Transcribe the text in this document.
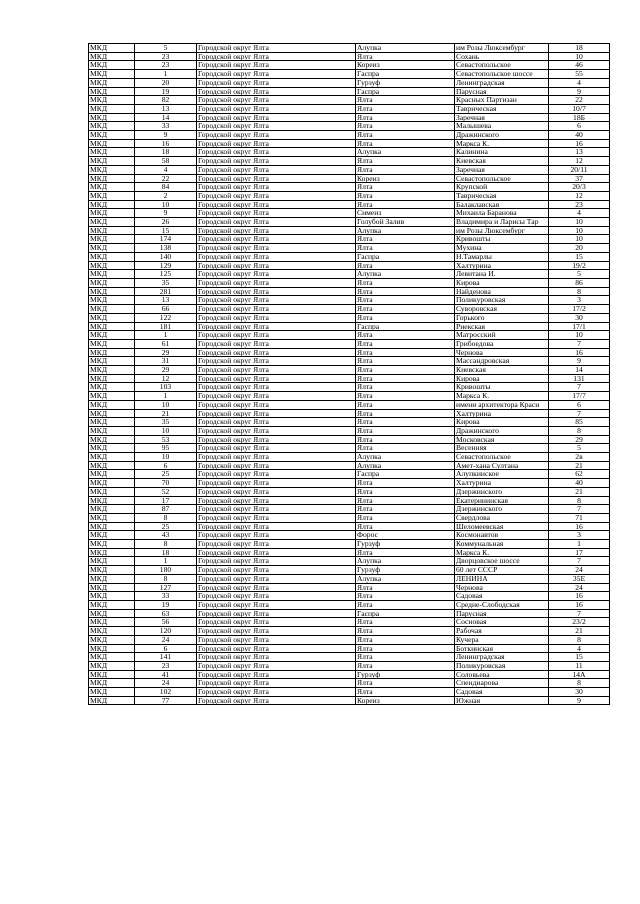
МКД	5	Городской округ Ялта	Алупка	им Розы Люксембург	18
МКД	23	Городской округ Ялта	Ялта	Сохань	10
МКД	23	Городской округ Ялта	Кореиз	Севастопольское	46
МКД	1	Городской округ Ялта	Гаспра	Севастопольское шоссе	55
МКД	20	Городской округ Ялта	Гурзуф	Ленинградская	4
МКД	19	Городской округ Ялта	Гаспра	Парусная	9
МКД	82	Городской округ Ялта	Ялта	Красных Партизан	22
МКД	13	Городской округ Ялта	Ялта	Таврическая	10/7
МКД	14	Городской округ Ялта	Ялта	Заречная	18Б
МКД	33	Городской округ Ялта	Ялта	Малышева	6
МКД	9	Городской округ Ялта	Ялта	Дражинского	40
МКД	16	Городской округ Ялта	Ялта	Маркса К.	16
МКД	18	Городской округ Ялта	Алупка	Калинина	13
МКД	58	Городской округ Ялта	Ялта	Киевская	12
МКД	4	Городской округ Ялта	Ялта	Заречная	20/11
МКД	22	Городской округ Ялта	Кореиз	Севастопольское	37
МКД	84	Городской округ Ялта	Ялта	Крупской	20/3
МКД	2	Городской округ Ялта	Ялта	Таврическая	12
МКД	10	Городской округ Ялта	Ялта	Балаклавская	23
МКД	9	Городской округ Ялта	Симеиз	Михаила Баранова	4
МКД	26	Городской округ Ялта	Голубой Залив	Владимира и Ларисы Тар	10
МКД	15	Городской округ Ялта	Алупка	им Розы Люксембург	10
МКД	174	Городской округ Ялта	Ялта	Кривошты	10
МКД	138	Городской округ Ялта	Ялта	Мухина	20
МКД	140	Городской округ Ялта	Гаспра	Н.Тамарлы	15
МКД	129	Городской округ Ялта	Ялта	Халтурина	19/2
МКД	125	Городской округ Ялта	Алупка	Левитана И.	5
МКД	35	Городской округ Ялта	Ялта	Кирова	86
МКД	281	Городской округ Ялта	Ялта	Найденова	8
МКД	13	Городской округ Ялта	Ялта	Поликуровская	3
МКД	66	Городской округ Ялта	Ялта	Суворовская	17/2
МКД	122	Городской округ Ялта	Ялта	Горького	30
МКД	181	Городской округ Ялта	Гаспра	Риекская	17/1
МКД	1	Городской округ Ялта	Ялта	Матросский	10
МКД	61	Городской округ Ялта	Ялта	Грибоедова	7
МКД	29	Городской округ Ялта	Ялта	Чернова	16
МКД	31	Городской округ Ялта	Ялта	Массандровская	9
МКД	29	Городской округ Ялта	Ялта	Киевская	14
МКД	12	Городской округ Ялта	Ялта	Кирова	131
МКД	103	Городской округ Ялта	Ялта	Кривошты	7
МКД	1	Городской округ Ялта	Ялта	Маркса К.	17/7
МКД	10	Городской округ Ялта	Ялта	имени архитектора Краси	6
МКД	21	Городской округ Ялта	Ялта	Халтурина	7
МКД	35	Городской округ Ялта	Ялта	Кирова	85
МКД	10	Городской округ Ялта	Ялта	Дражинского	8
МКД	53	Городской округ Ялта	Ялта	Московская	29
МКД	95	Городской округ Ялта	Ялта	Весенняя	5
МКД	10	Городской округ Ялта	Алупка	Севастопольское	2в
МКД	6	Городской округ Ялта	Алупка	Амет-хана Султана	21
МКД	25	Городской округ Ялта	Гаспра	Алупкинское	62
МКД	70	Городской округ Ялта	Ялта	Халтурина	40
МКД	52	Городской округ Ялта	Ялта	Дзержинского	21
МКД	17	Городской округ Ялта	Ялта	Екатерининская	8
МКД	87	Городской округ Ялта	Ялта	Дзержинского	7
МКД	8	Городской округ Ялта	Ялта	Свердлова	71
МКД	25	Городской округ Ялта	Ялта	Шеломеевская	16
МКД	43	Городской округ Ялта	Форос	Космонавтов	3
МКД	8	Городской округ Ялта	Гурзуф	Коммунальная	1
МКД	18	Городской округ Ялта	Ялта	Маркса К.	17
МКД	1	Городской округ Ялта	Алупка	Дворцовское шоссе	7
МКД	180	Городской округ Ялта	Гурзуф	60 лет СССР	24
МКД	8	Городской округ Ялта	Алупка	ЛЕНИНА	35Е
МКД	127	Городской округ Ялта	Ялта	Чернова	24
МКД	33	Городской округ Ялта	Ялта	Садовая	16
МКД	19	Городской округ Ялта	Ялта	Средне-Слободская	16
МКД	63	Городской округ Ялта	Гаспра	Парусная	7
МКД	56	Городской округ Ялта	Ялта	Сосновая	23/2
МКД	120	Городской округ Ялта	Ялта	Рабочая	21
МКД	24	Городской округ Ялта	Ялта	Кучера	8
МКД	6	Городской округ Ялта	Ялта	Боткинская	4
МКД	141	Городской округ Ялта	Ялта	Ленинградская	15
МКД	23	Городской округ Ялта	Ялта	Поликуровская	11
МКД	41	Городской округ Ялта	Гурзуф	Соловьева	14А
МКД	24	Городской округ Ялта	Ялта	Спендиарова	8
МКД	102	Городской округ Ялта	Ялта	Садовая	30
МКД	77	Городской округ Ялта	Кореиз	Южная	9
